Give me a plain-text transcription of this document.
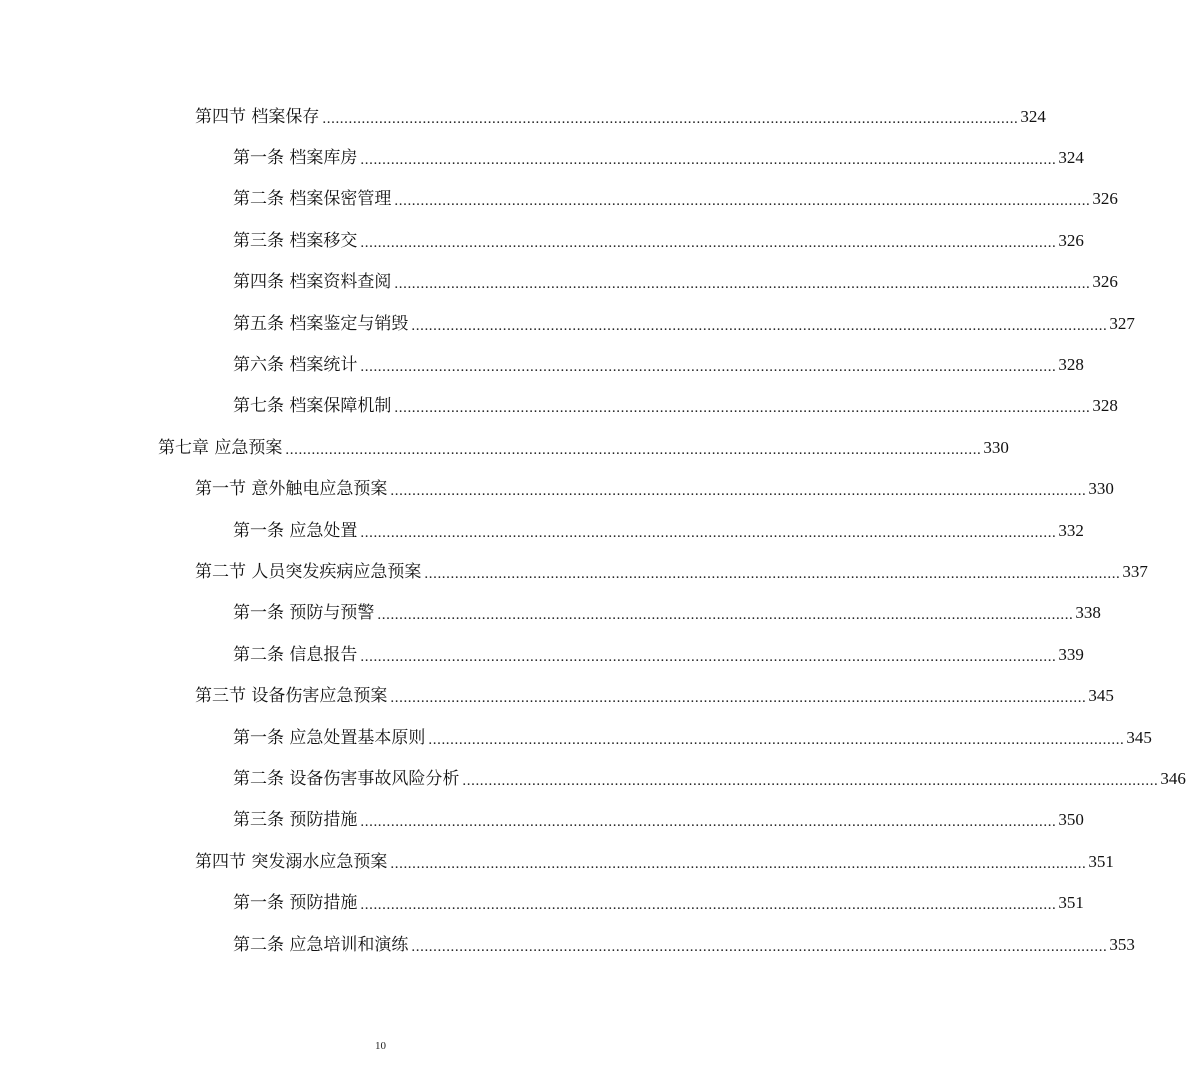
第四节 档案保存 ................................................................................................................................................................ 324
第一条 档案库房 ................................................................................................................................................................ 324
第二条 档案保密管理 ................................................................................................................................................................ 326
第三条 档案移交 ................................................................................................................................................................ 326
第四条 档案资料查阅 ................................................................................................................................................................ 326
第五条 档案鉴定与销毁 ................................................................................................................................................................ 327
第六条 档案统计 ................................................................................................................................................................ 328
第七条 档案保障机制 ................................................................................................................................................................ 328
第七章 应急预案 ................................................................................................................................................................ 330
第一节 意外触电应急预案 ................................................................................................................................................................ 330
第一条 应急处置 ................................................................................................................................................................ 332
第二节 人员突发疾病应急预案 ................................................................................................................................................................ 337
第一条 预防与预警 ................................................................................................................................................................ 338
第二条 信息报告 ................................................................................................................................................................ 339
第三节 设备伤害应急预案 ................................................................................................................................................................ 345
第一条 应急处置基本原则 ................................................................................................................................................................ 345
第二条 设备伤害事故风险分析 ................................................................................................................................................................ 346
第三条 预防措施 ................................................................................................................................................................ 350
第四节 突发溺水应急预案 ................................................................................................................................................................ 351
第一条 预防措施 ................................................................................................................................................................ 351
第二条 应急培训和演练 ................................................................................................................................................................ 353
10
